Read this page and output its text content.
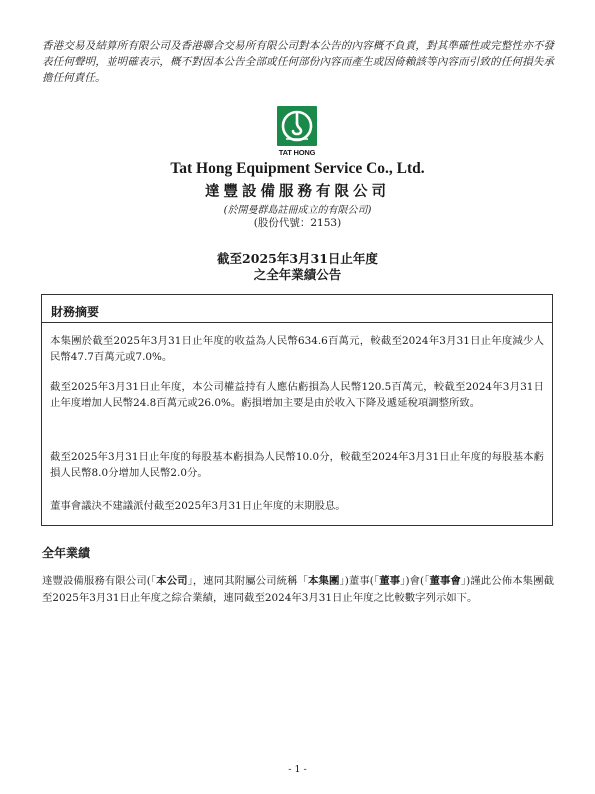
香港交易及結算所有限公司及香港聯合交易所有限公司對本公告的內容概不負責，對其準確性或完整性亦不發表任何聲明，並明確表示，概不對因本公告全部或任何部份內容而產生或因倚賴該等內容而引致的任何損失承擔任何責任。

TAT HONG
Tat Hong Equipment Service Co., Ltd.
達豐設備服務有限公司
(於開曼群島註冊成立的有限公司)
(股份代號：2153)
截至2025年3月31日止年度
之全年業績公告

財務摘要

本集團於截至2025年3月31日止年度的收益為人民幣634.6百萬元，較截至2024年3月31日止年度減少人民幣47.7百萬元或7.0%。

截至2025年3月31日止年度，本公司權益持有人應佔虧損為人民幣120.5百萬元，較截至2024年3月31日止年度增加人民幣24.8百萬元或26.0%。虧損增加主要是由於收入下降及遞延稅項調整所致。

截至2025年3月31日止年度的每股基本虧損為人民幣10.0分，較截至2024年3月31日止年度的每股基本虧損人民幣8.0分增加人民幣2.0分。

董事會議決不建議派付截至2025年3月31日止年度的末期股息。

全年業績

達豐設備服務有限公司(「本公司」，連同其附屬公司統稱「本集團」)董事(「董事」)會(「董事會」)謹此公佈本集團截至2025年3月31日止年度之綜合業績，連同截至2024年3月31日止年度之比較數字列示如下。

- 1 -
